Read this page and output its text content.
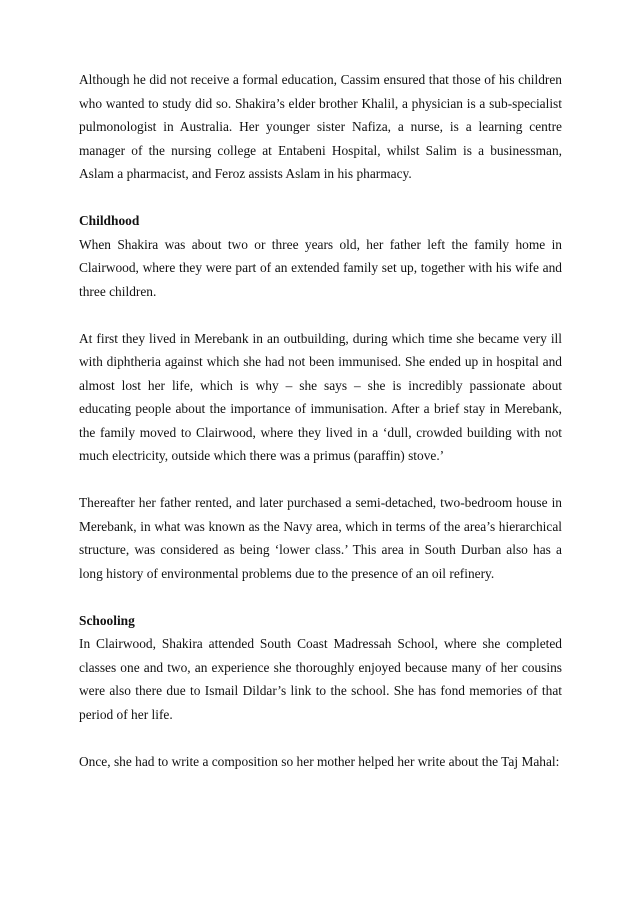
Although he did not receive a formal education, Cassim ensured that those of his children who wanted to study did so. Shakira’s elder brother Khalil, a physician is a sub-specialist pulmonologist in Australia. Her younger sister Nafiza, a nurse, is a learning centre manager of the nursing college at Entabeni Hospital, whilst Salim is a businessman, Aslam a pharmacist, and Feroz assists Aslam in his pharmacy.

Childhood

When Shakira was about two or three years old, her father left the family home in Clairwood, where they were part of an extended family set up, together with his wife and three children.

At first they lived in Merebank in an outbuilding, during which time she became very ill with diphtheria against which she had not been immunised. She ended up in hospital and almost lost her life, which is why – she says – she is incredibly passionate about educating people about the importance of immunisation. After a brief stay in Merebank, the family moved to Clairwood, where they lived in a ‘dull, crowded building with not much electricity, outside which there was a primus (paraffin) stove.’

Thereafter her father rented, and later purchased a semi-detached, two-bedroom house in Merebank, in what was known as the Navy area, which in terms of the area’s hierarchical structure, was considered as being ‘lower class.’ This area in South Durban also has a long history of environmental problems due to the presence of an oil refinery.

Schooling

In Clairwood, Shakira attended South Coast Madressah School, where she completed classes one and two, an experience she thoroughly enjoyed because many of her cousins were also there due to Ismail Dildar’s link to the school. She has fond memories of that period of her life.

Once, she had to write a composition so her mother helped her write about the Taj Mahal:
